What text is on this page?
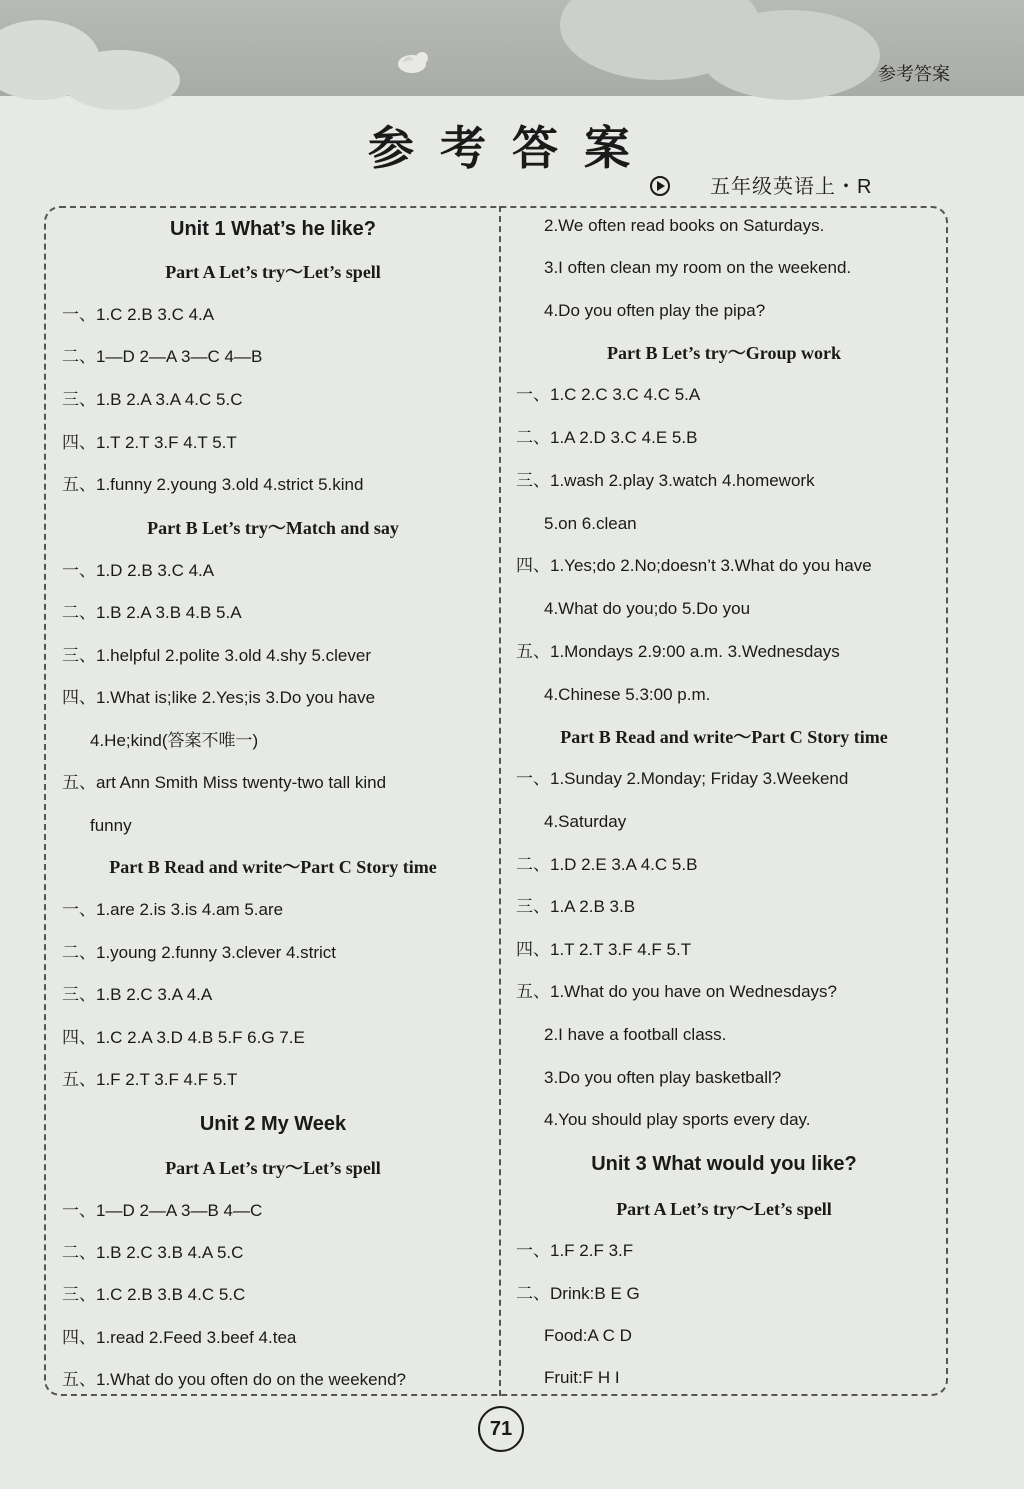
参考答案
参考答案
五年级英语上・R
Unit 1 What’s he like?
Part A Let’s try～Let’s spell
一、1.C 2.B 3.C 4.A
二、1—D 2—A 3—C 4—B
三、1.B 2.A 3.A 4.C 5.C
四、1.T 2.T 3.F 4.T 5.T
五、1.funny 2.young 3.old 4.strict 5.kind
Part B Let’s try～Match and say
一、1.D 2.B 3.C 4.A
二、1.B 2.A 3.B 4.B 5.A
三、1.helpful 2.polite 3.old 4.shy 5.clever
四、1.What is;like 2.Yes;is 3.Do you have
4.He;kind(答案不唯一)
五、art Ann Smith Miss twenty-two tall kind
funny
Part B Read and write～Part C Story time
一、1.are 2.is 3.is 4.am 5.are
二、1.young 2.funny 3.clever 4.strict
三、1.B 2.C 3.A 4.A
四、1.C 2.A 3.D 4.B 5.F 6.G 7.E
五、1.F 2.T 3.F 4.F 5.T
Unit 2 My Week
Part A Let’s try～Let’s spell
一、1—D 2—A 3—B 4—C
二、1.B 2.C 3.B 4.A 5.C
三、1.C 2.B 3.B 4.C 5.C
四、1.read 2.Feed 3.beef 4.tea
五、1.What do you often do on the weekend?
2.We often read books on Saturdays.
3.I often clean my room on the weekend.
4.Do you often play the pipa?
Part B Let’s try～Group work
一、1.C 2.C 3.C 4.C 5.A
二、1.A 2.D 3.C 4.E 5.B
三、1.wash 2.play 3.watch 4.homework
5.on 6.clean
四、1.Yes;do 2.No;doesn’t 3.What do you have
4.What do you;do 5.Do you
五、1.Mondays 2.9:00 a.m. 3.Wednesdays
4.Chinese 5.3:00 p.m.
Part B Read and write～Part C Story time
一、1.Sunday 2.Monday; Friday 3.Weekend
4.Saturday
二、1.D 2.E 3.A 4.C 5.B
三、1.A 2.B 3.B
四、1.T 2.T 3.F 4.F 5.T
五、1.What do you have on Wednesdays?
2.I have a football class.
3.Do you often play basketball?
4.You should play sports every day.
Unit 3 What would you like?
Part A Let’s try～Let’s spell
一、1.F 2.F 3.F
二、Drink:B E G
Food:A C D
Fruit:F H I
71
